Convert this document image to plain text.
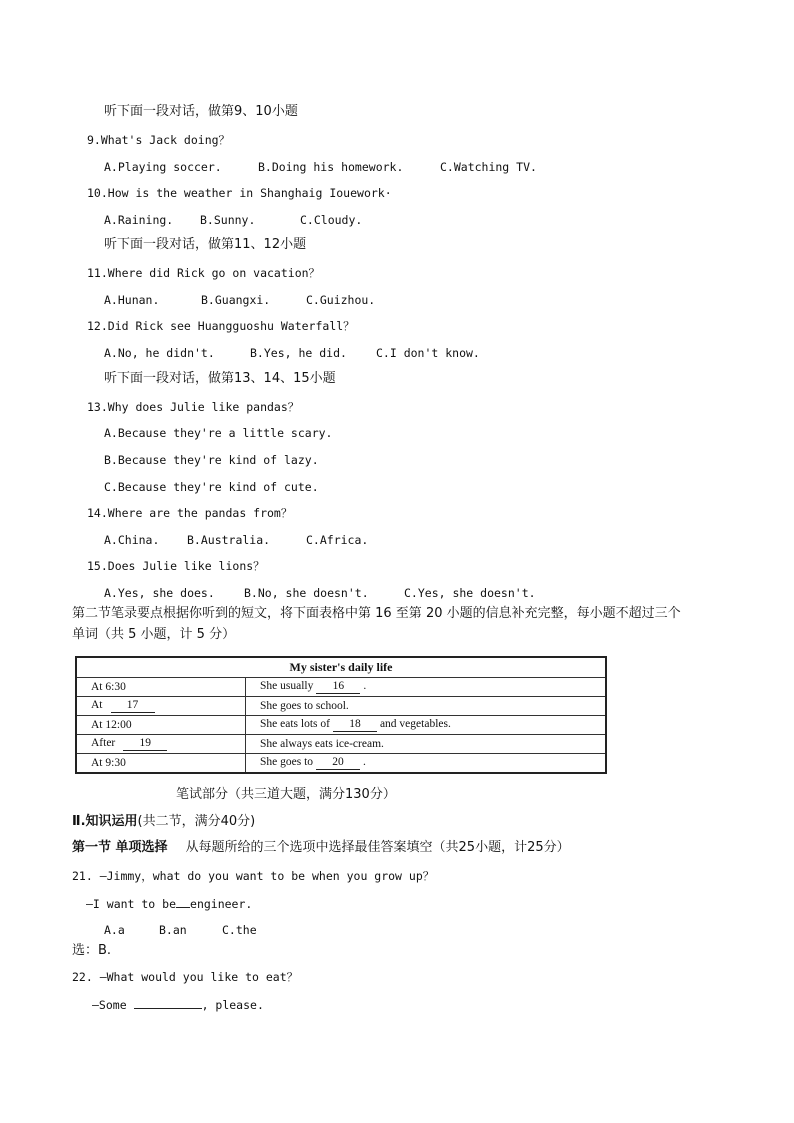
听下面一段对话，做第9、10小题
9.What's Jack doing？
A.Playing soccer.	B.Doing his homework.	C.Watching TV.
10.How is the weather in Shanghaig Iouework·
A.Raining. B.Sunny.	C.Cloudy.
听下面一段对话，做第11、12小题
11.Where did Rick go on vacation？
A.Hunan.	B.Guangxi.	C.Guizhou.
12.Did Rick see Huangguoshu Waterfall？
A.No, he didn't.	B.Yes, he did.	C.I don't know.
听下面一段对话，做第13、14、15小题
13.Why does Julie like pandas？
A.Because they're a little scary.
B.Because they're kind of lazy.
C.Because they're kind of cute.
14.Where are the pandas from？
A.China. B.Australia.	C.Africa.
15.Does Julie like lions？
A.Yes, she does.	B.No, she doesn't.	C.Yes, she doesn't.
第二节笔录要点根据你听到的短文，将下面表格中第 16 至第 20 小题的信息补充完整，每小题不超过三个
单词（共 5 小题，计 5 分）
My sister's daily life	
At 6:30	She usually 16 .
At 17	She goes to school.
At 12:00	She eats lots of 18 and vegetables.
After 19	She always eats ice-cream.
At 9:30	She goes to 20 .
笔试部分（共三道大题，满分130分）
Ⅱ.知识运用(共二节，满分40分)
第一节 单项选择 从每题所给的三个选项中选择最佳答案填空（共25小题，计25分）
21. —Jimmy，what do you want to be when you grow up？
—I want to be engineer.
A.a	B.an	C.the
选：B.
22. —What would you like to eat？
—Some	, please.
